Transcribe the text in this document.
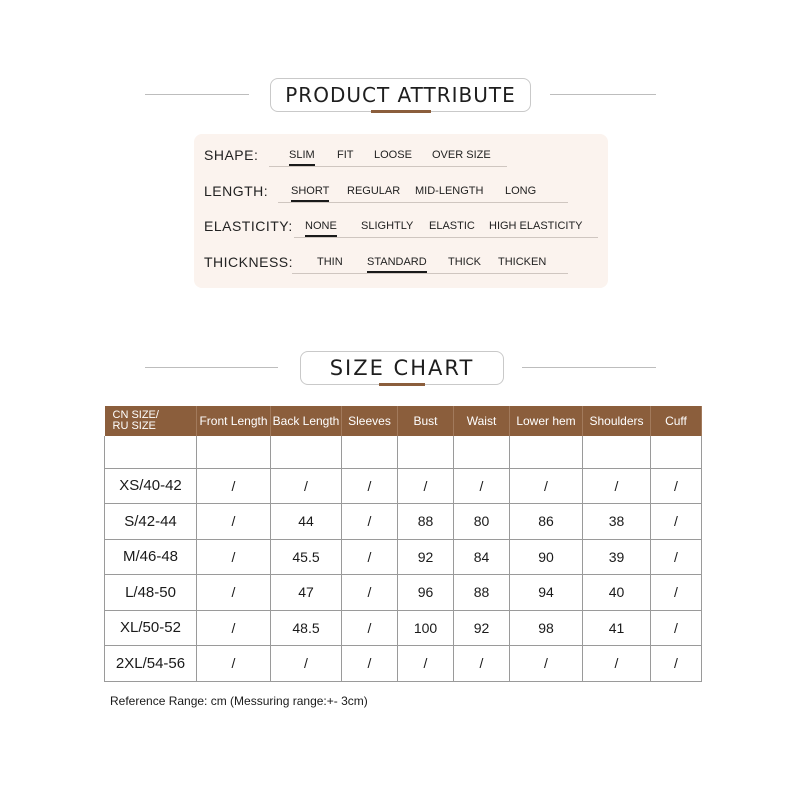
PRODUCT ATTRIBUTE
SHAPE:	SLIM FIT LOOSE OVER SIZE
LENGTH: SHORT REGULAR MID-LENGTH LONG
ELASTICITY: NONE SLIGHTLY ELASTIC HIGH ELASTICITY
THICKNESS: THIN STANDARD THICK THICKEN
SIZE CHART
CN SIZE/
RU SIZE	Front Length	Back Length	Sleeves	Bust	Waist	Lower hem	Shoulders	Cuff

XS/40-42	/	/	/	/	/	/	/	/
S/42-44	/	44	/	88	80	86	38	/
M/46-48	/	45.5	/	92	84	90	39	/
L/48-50	/	47	/	96	88	94	40	/
XL/50-52	/	48.5	/	100	92	98	41	/
2XL/54-56	/	/	/	/	/	/	/	/
Reference Range: cm (Messuring range:+- 3cm)
